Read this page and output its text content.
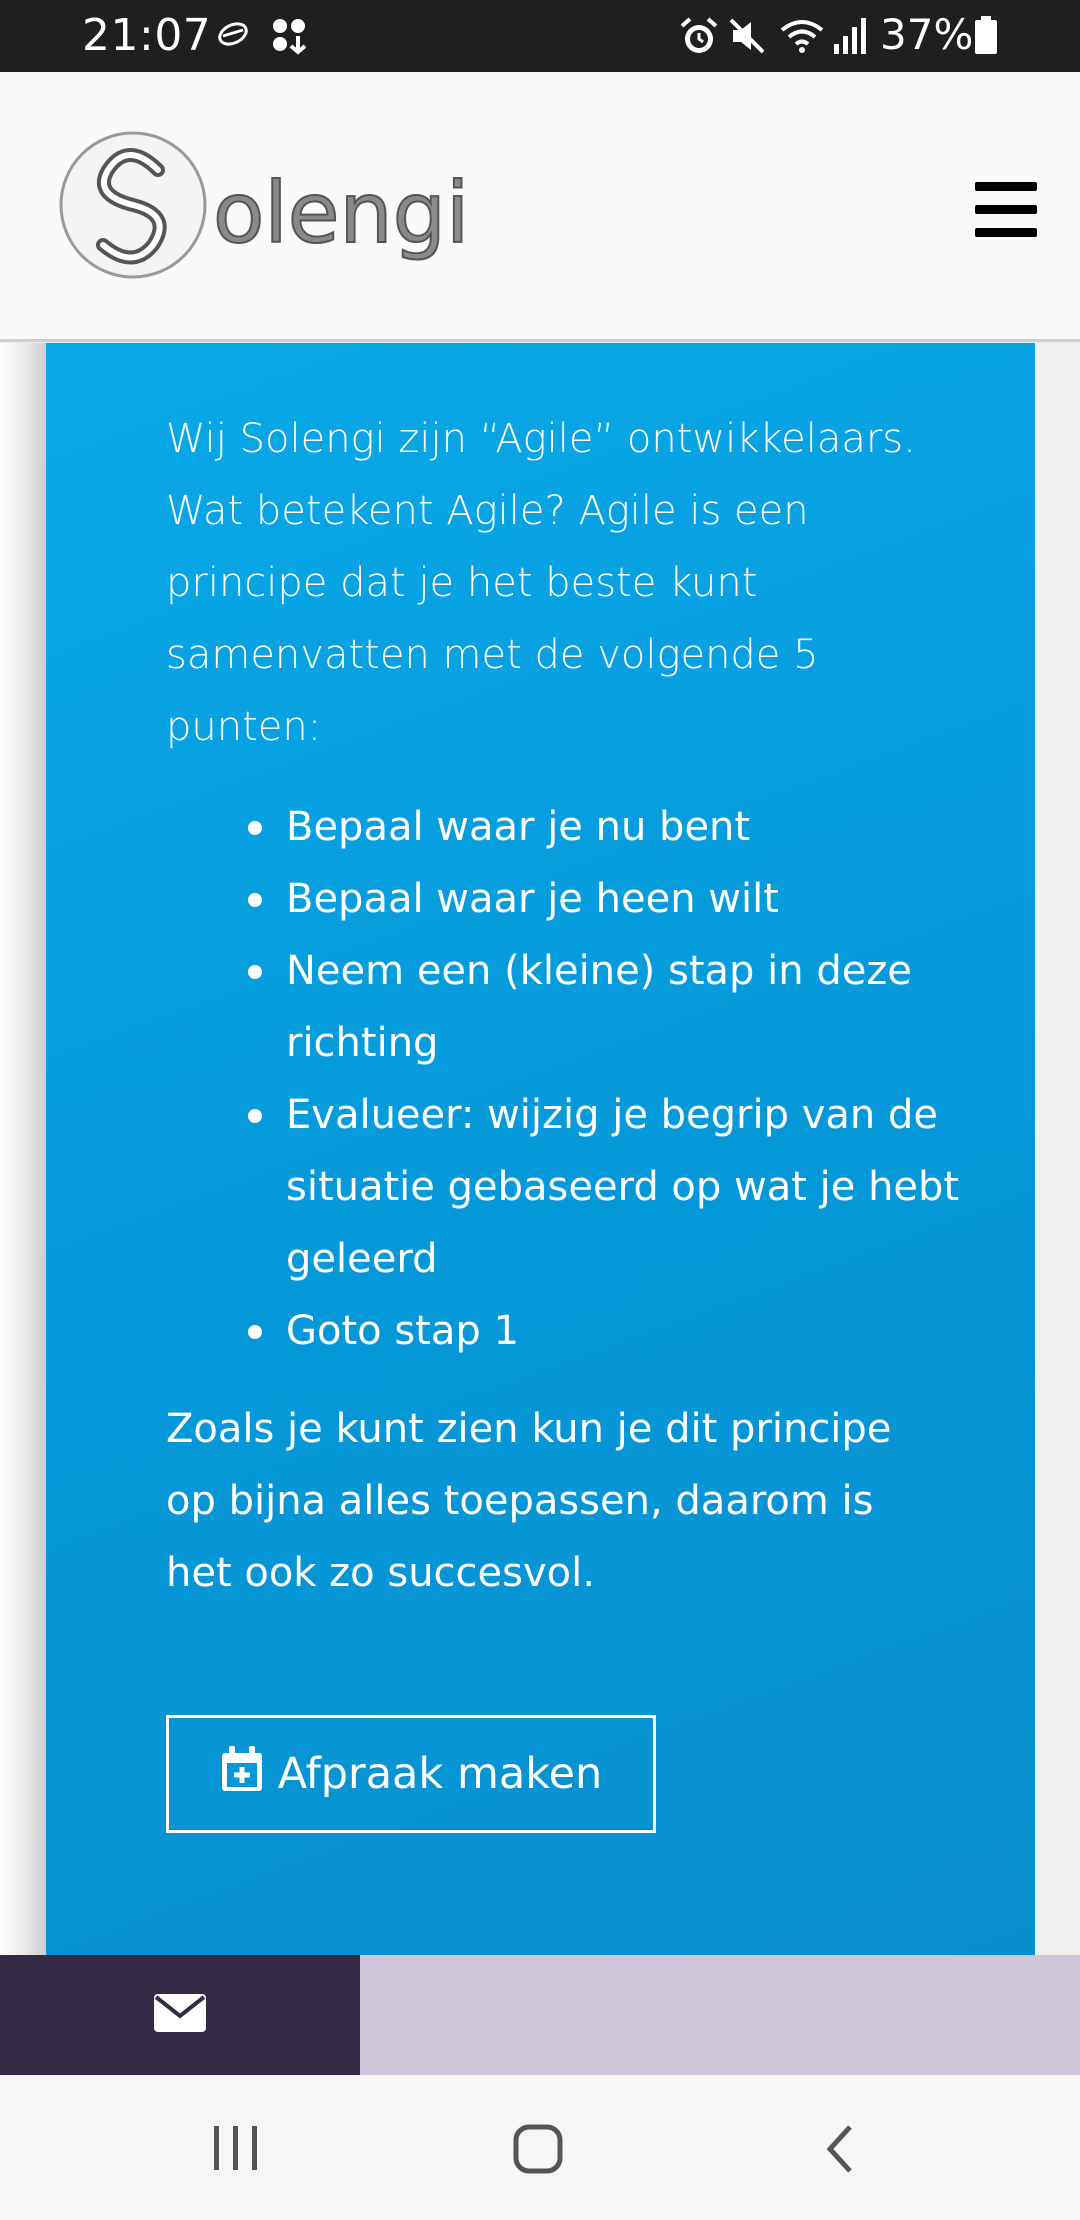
21:07	37%
olengi

Wij Solengi zijn “Agile” ontwikkelaars. Wat betekent Agile? Agile is een principe dat je het beste kunt samenvatten met de volgende 5 punten:

Bepaal waar je nu bent
Bepaal waar je heen wilt
Neem een (kleine) stap in deze richting
Evalueer: wijzig je begrip van de situatie gebaseerd op wat je hebt geleerd
Goto stap 1

Zoals je kunt zien kun je dit principe op bijna alles toepassen, daarom is het ook zo succesvol.

Afpraak maken
